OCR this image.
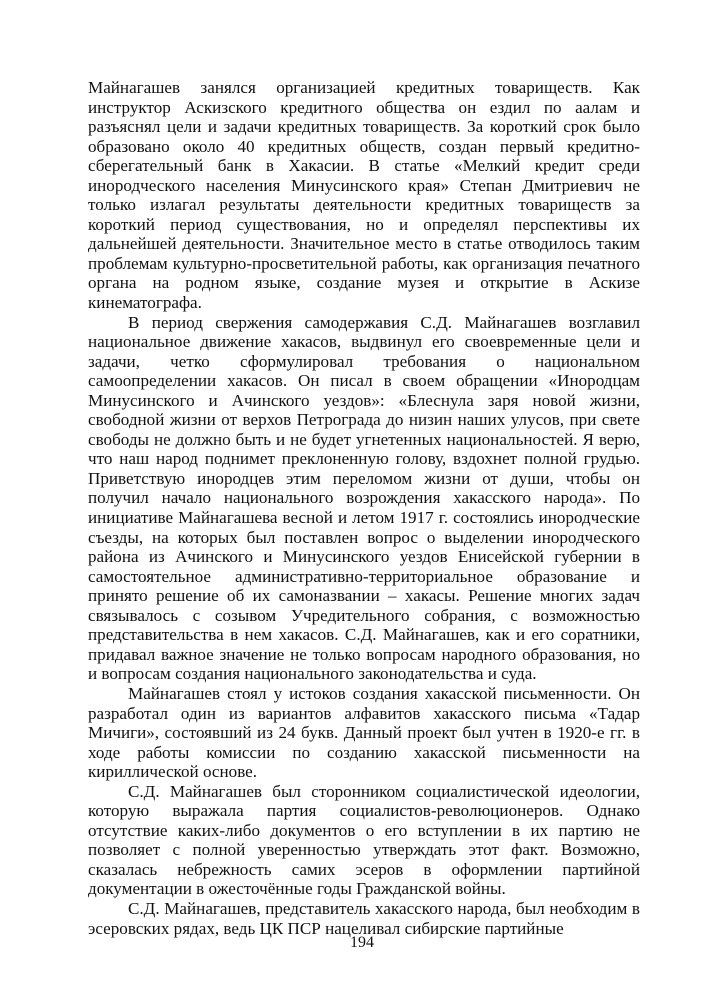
Майнагашев занялся организацией кредитных товариществ. Как инструктор Аскизского кредитного общества он ездил по аалам и разъяснял цели и задачи кредитных товариществ. За короткий срок было образовано около 40 кредитных обществ, создан первый кредитно-сберегательный банк в Хакасии. В статье «Мелкий кредит среди инородческого населения Минусинского края» Степан Дмитриевич не только излагал результаты деятельности кредитных товариществ за короткий период существования, но и определял перспективы их дальнейшей деятельности. Значительное место в статье отводилось таким проблемам культурно-просветительной работы, как организация печатного органа на родном языке, создание музея и открытие в Аскизе кинематографа.

В период свержения самодержавия С.Д. Майнагашев возглавил национальное движение хакасов, выдвинул его своевременные цели и задачи, четко сформулировал требования о национальном самоопределении хакасов. Он писал в своем обращении «Инородцам Минусинского и Ачинского уездов»: «Блеснула заря новой жизни, свободной жизни от верхов Петрограда до низин наших улусов, при свете свободы не должно быть и не будет угнетенных национальностей. Я верю, что наш народ поднимет преклоненную голову, вздохнет полной грудью. Приветствую инородцев этим переломом жизни от души, чтобы он получил начало национального возрождения хакасского народа». По инициативе Майнагашева весной и летом 1917 г. состоялись инородческие съезды, на которых был поставлен вопрос о выделении инородческого района из Ачинского и Минусинского уездов Енисейской губернии в самостоятельное административно-территориальное образование и принято решение об их самоназвании – хакасы. Решение многих задач связывалось с созывом Учредительного собрания, с возможностью представительства в нем хакасов. С.Д. Майнагашев, как и его соратники, придавал важное значение не только вопросам народного образования, но и вопросам создания национального законодательства и суда.

Майнагашев стоял у истоков создания хакасской письменности. Он разработал один из вариантов алфавитов хакасского письма «Тадар Мичиги», состоявший из 24 букв. Данный проект был учтен в 1920-е гг. в ходе работы комиссии по созданию хакасской письменности на кириллической основе.

С.Д. Майнагашев был сторонником социалистической идеологии, которую выражала партия социалистов-революционеров. Однако отсутствие каких-либо документов о его вступлении в их партию не позволяет с полной уверенностью утверждать этот факт. Возможно, сказалась небрежность самих эсеров в оформлении партийной документации в ожесточённые годы Гражданской войны.

С.Д. Майнагашев, представитель хакасского народа, был необходим в эсеровских рядах, ведь ЦК ПСР нацеливал сибирские партийные

194
